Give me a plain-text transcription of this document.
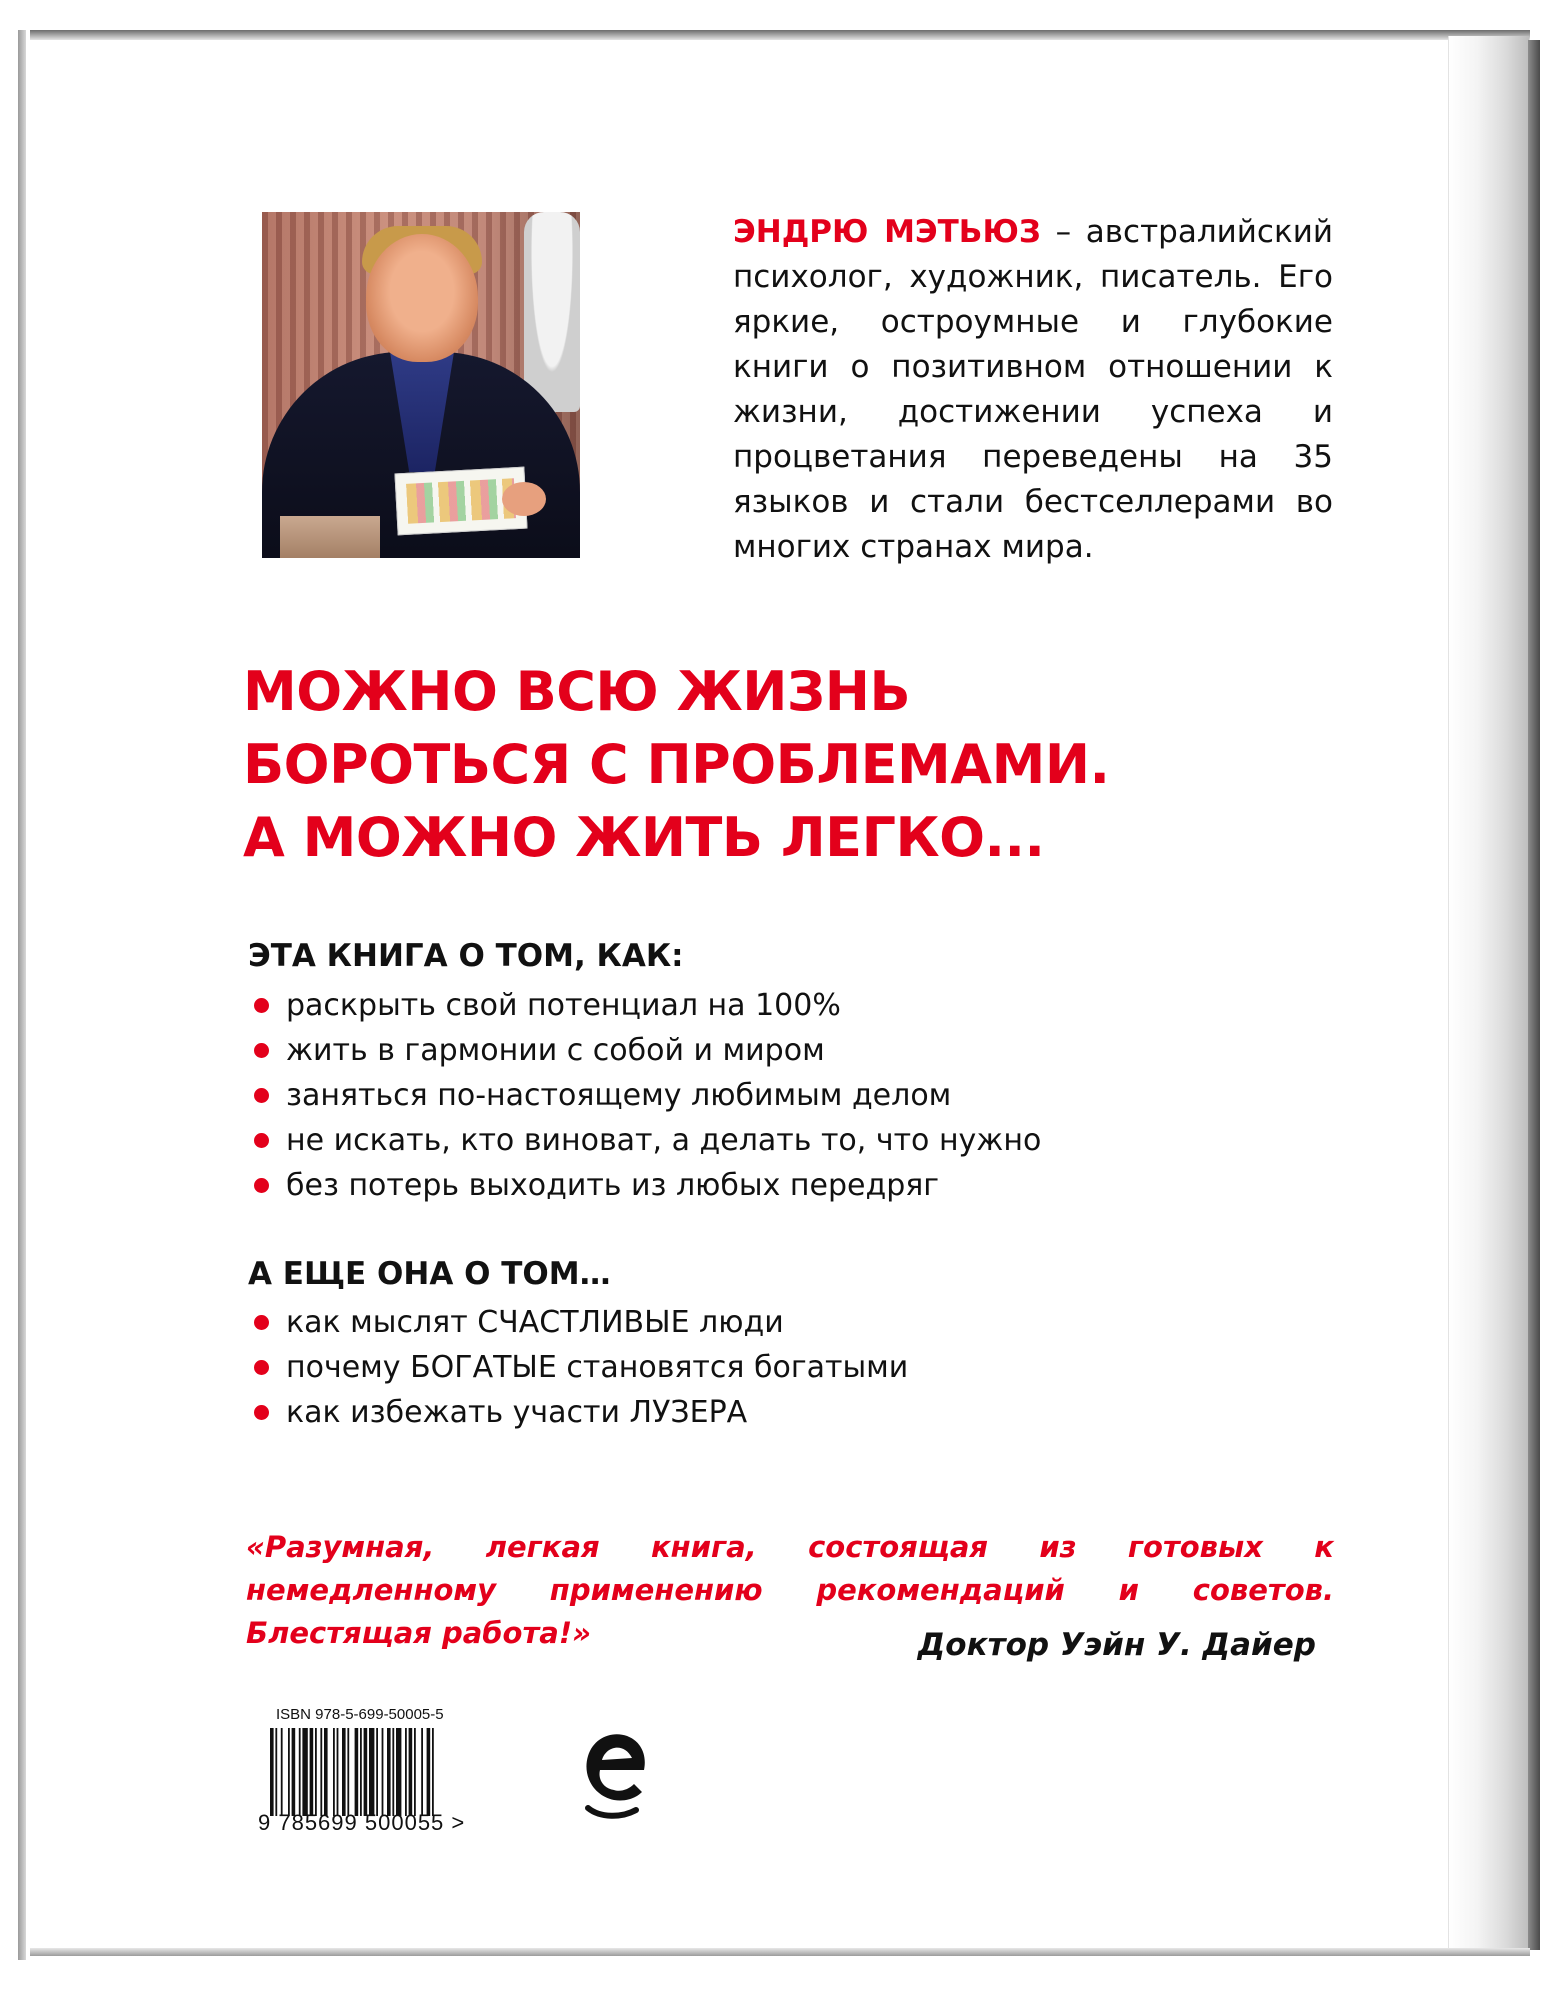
ЭНДРЮ МЭТЬЮЗ – австралийский психолог, художник, писатель. Его яркие, остроумные и глубокие книги о позитивном отношении к жизни, достижении успеха и процветания переведены на 35 языков и стали бестселлерами во многих странах мира.
МОЖНО ВСЮ ЖИЗНЬ
БОРОТЬСЯ С ПРОБЛЕМАМИ.
А МОЖНО ЖИТЬ ЛЕГКО...
ЭТА КНИГА О ТОМ, КАК:
раскрыть свой потенциал на 100%
жить в гармонии с собой и миром
заняться по-настоящему любимым делом
не искать, кто виноват, а делать то, что нужно
без потерь выходить из любых передряг
А ЕЩЕ ОНА О ТОМ…
как мыслят СЧАСТЛИВЫЕ люди
почему БОГАТЫЕ становятся богатыми
как избежать участи ЛУЗЕРА
«Разумная, легкая книга, состоящая из готовых к немедленному применению рекомендаций и советов. Блестящая работа!»	Доктор Уэйн У. Дайер
ISBN 978-5-699-50005-5
9 785699 500055 >
